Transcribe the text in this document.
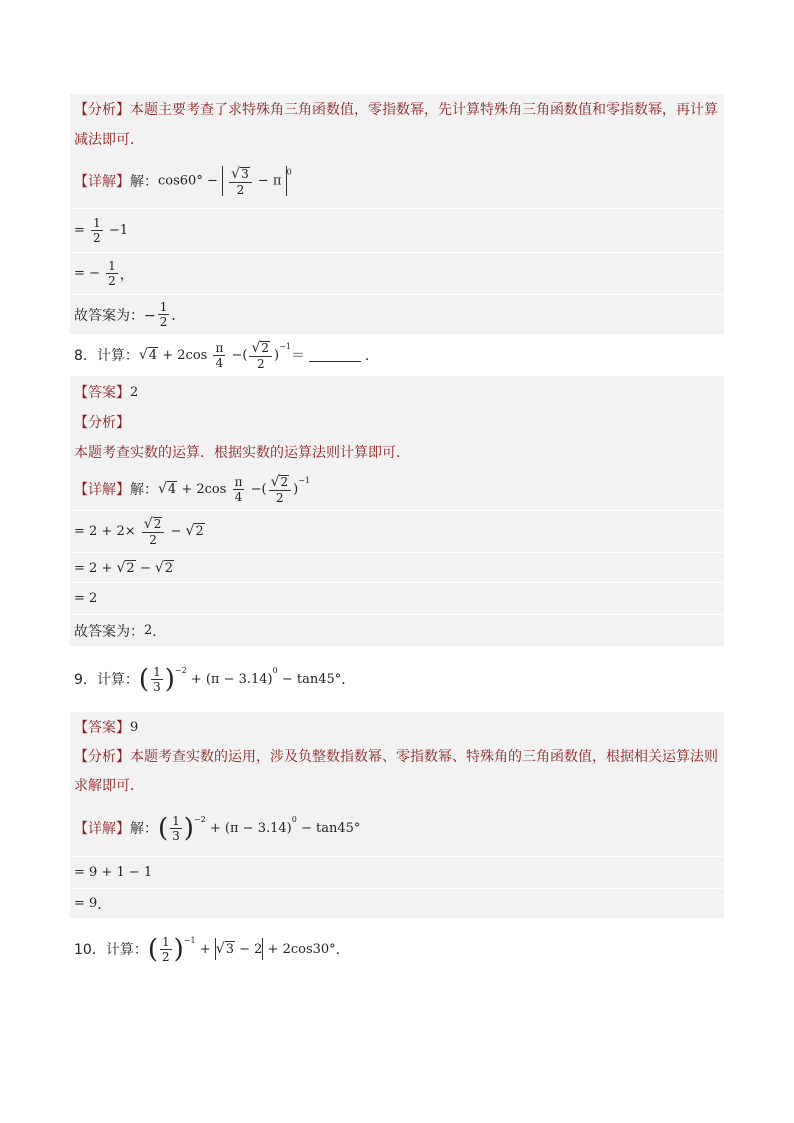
【分析】 本题主要考查了求特殊角三角函数值，零指数幂，先计算特殊角三角函数值和零指数幂，再计算
减法即可．
【详解】 解： $\cos 60^\circ - \frac{√ 3}{2} - \pi$ $^0$
= $\frac{1}{2} -1$
= − $\frac{1}{2}$ ，
故答案为：− $\frac{1}{2}$ ．
8．计算： √ $4 + 2\cos \frac{\pi}{4}$ −( $\frac{√ 2}{2} )^{-1}$
＝	．
【答案】 2
【分析】
本题考查实数的运算．根据实数的运算法则计算即可．
【详解】 解： √ $4 + 2\cos \frac{\pi}{4}$ −( $\frac{√ 2}{2} )^{-1}$
= $2 + 2\times \frac{√ 2}{2}$ − √ 2
= 2 + √ 2 − √ 2
= 2
故答案为： 2 ．
9．计算： ( $\frac{1}{3} )^{-2} + (\pi - 3.14)^0 - \tan 45^\circ$ ．
【答案】 9
【分析】 本题考查实数的运用，涉及负整数指数幂、零指数幂、特殊角的三角函数值，根据相关运算法则
求解即可．
【详解】 解： ( $\frac{1}{3} )^{-2} + (\pi - 3.14)^0 - \tan 45^\circ$
= 9 + 1 − 1
= 9 ．
10．计算： ( $\frac{1}{2} )^{-1}$ + √ 3 − 2 + 2cos30° ．
